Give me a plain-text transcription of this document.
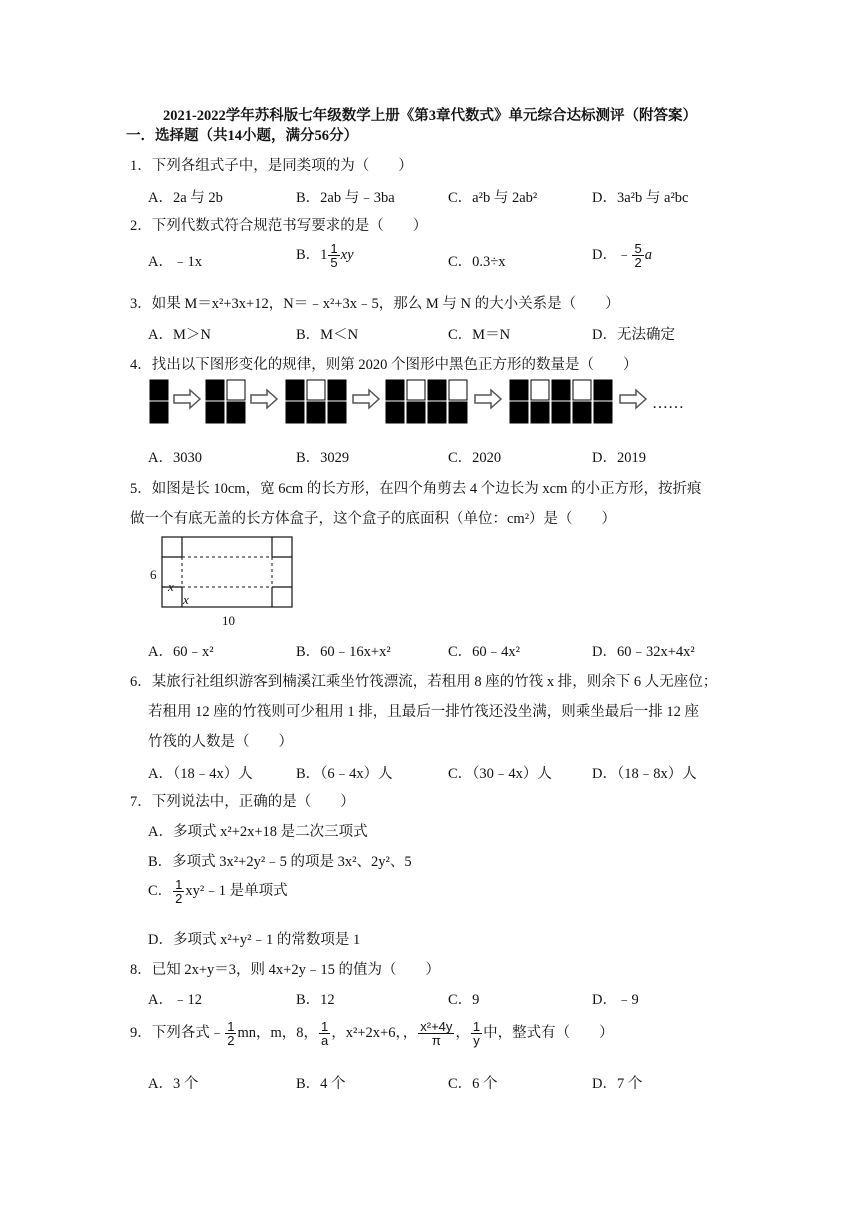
2021-2022学年苏科版七年级数学上册《第3章代数式》单元综合达标测评（附答案）
一．选择题（共14小题，满分56分）
1．下列各组式子中，是同类项的为（　　）
A．2a 与 2b	B．2ab 与﹣3ba	C．a²b 与 2ab²	D．3a²b 与 a²bc
2．下列代数式符合规范书写要求的是（　　）
A．﹣1x	B．$1 \frac{1}{5}$ xy	C．0.3÷x	D．﹣ $\frac{5}{2}$ a
3．如果 M＝x²+3x+12，N＝﹣x²+3x﹣5，那么 M 与 N 的大小关系是（　　）
A．M＞N	B．M＜N	C．M＝N	D．无法确定
4．找出以下图形变化的规律，则第 2020 个图形中黑色正方形的数量是（　　）
……
A．3030	B．3029	C．2020	D．2019
5．如图是长 10cm，宽 6cm 的长方形，在四个角剪去 4 个边长为 xcm 的小正方形，按折痕
做一个有底无盖的长方体盒子，这个盒子的底面积（单位：cm²）是（　　）
6
x
x
10
A．60﹣x²	B．60﹣16x+x²	C．60﹣4x²	D．60﹣32x+4x²
6．某旅行社组织游客到楠溪江乘坐竹筏漂流，若租用 8 座的竹筏 x 排，则余下 6 人无座位；
若租用 12 座的竹筏则可少租用 1 排，且最后一排竹筏还没坐满，则乘坐最后一排 12 座
竹筏的人数是（　　）
A．（18﹣4x）人	B．（6﹣4x）人	C．（30﹣4x）人	D．（18﹣8x）人
7．下列说法中，正确的是（　　）
A．多项式 x²+2x+18 是二次三项式
B．多项式 3x²+2y²﹣5 的项是 3x²、2y²、5
C． $\frac{1}{2}$ xy²﹣1 是单项式
D．多项式 x²+y²﹣1 的常数项是 1
8．已知 2x+y＝3，则 4x+2y﹣15 的值为（　　）
A．﹣12	B．12	C．9	D．﹣9
9．下列各式﹣ $\frac{1}{2}$ mn，m，8， $\frac{1}{a}$ ，x²+2x+6，， $\frac{\text{x²+4y}}{\pi}$ ， $\frac{1}{y}$ 中，整式有（　　）
A．3 个	B．4 个	C．6 个	D．7 个
